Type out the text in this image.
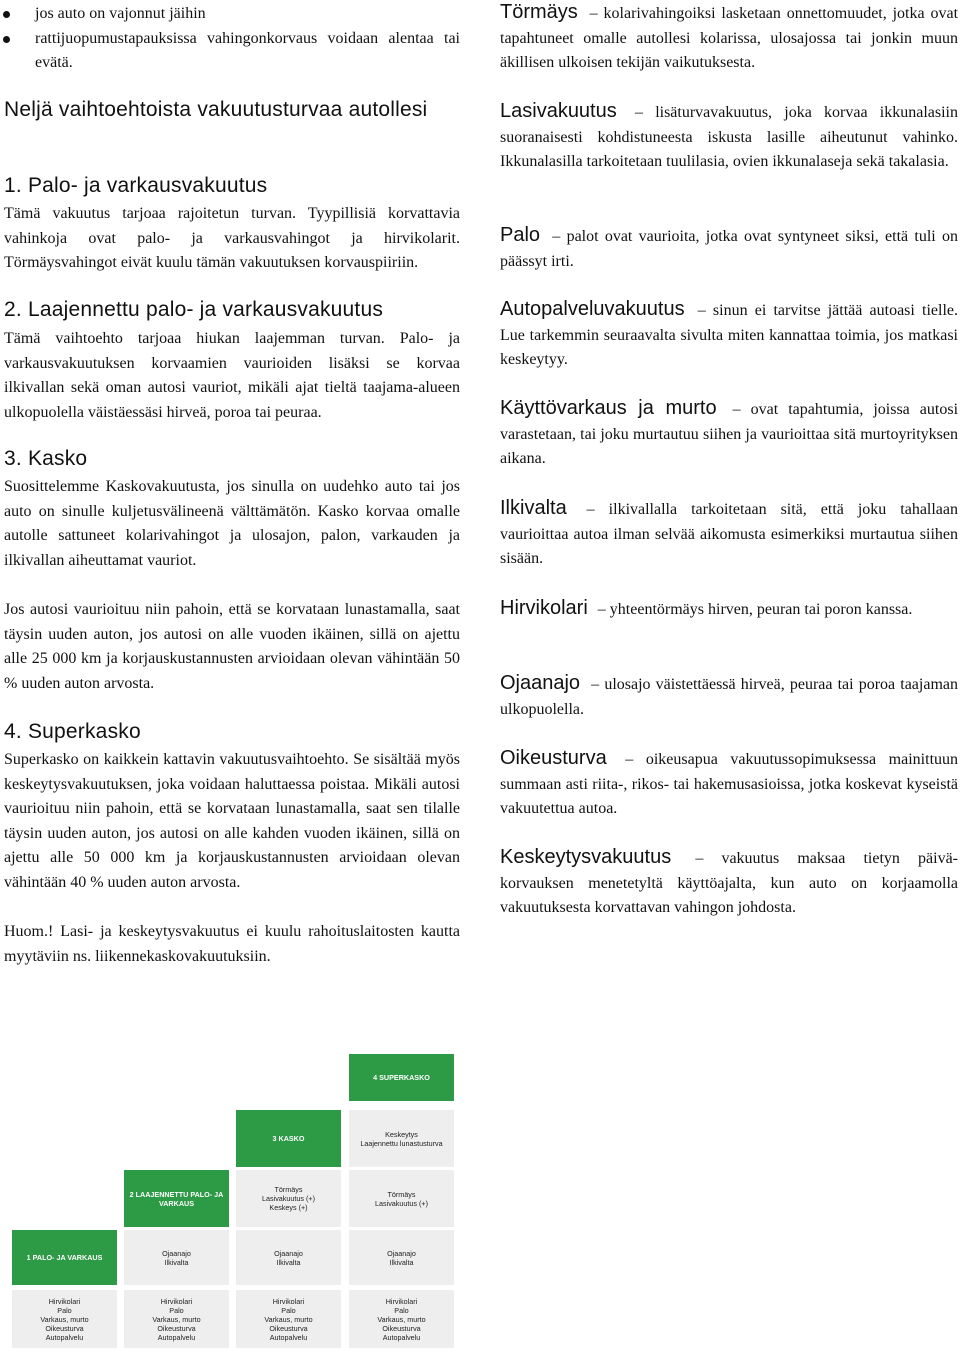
jos auto on vajonnut jäihin
rattijuopumustapauksissa vahingonkorvaus voidaan alentaa tai evätä.
Neljä vaihtoehtoista vakuutusturvaa autollesi
1. Palo- ja varkausvakuutus

Tämä vakuutus tarjoaa rajoitetun turvan. Tyypillisiä korvattavia vahinkoja ovat palo- ja varkausvahingot ja hirvikolarit. Törmäysvahingot eivät kuulu tämän vakuutuksen korvauspiiriin.

2. Laajennettu palo- ja varkausvakuutus

Tämä vaihtoehto tarjoaa hiukan laajemman turvan. Palo- ja varkausvakuutuksen korvaamien vaurioiden lisäksi se korvaa ilkivallan sekä oman autosi vauriot, mikäli ajat tieltä taajama-alueen ulkopuolella väistäessäsi hirveä, poroa tai peuraa.

3. Kasko

Suosittelemme Kaskovakuutusta, jos sinulla on uudehko auto tai jos auto on sinulle kuljetusvälineenä välttämätön. Kasko korvaa omalle autolle sattuneet kolarivahingot ja ulosajon, palon, varkauden ja ilkivallan aiheuttamat vauriot.

Jos autosi vaurioituu niin pahoin, että se korvataan lunastamalla, saat täysin uuden auton, jos autosi on alle vuoden ikäinen, sillä on ajettu alle 25 000 km ja korjauskustannusten arvioidaan olevan vähintään 50 % uuden auton arvosta.

4. Superkasko

Superkasko on kaikkein kattavin vakuutusvaihtoehto. Se sisältää myös keskeytysvakuutuksen, joka voidaan haluttaessa poistaa. Mikäli autosi vaurioituu niin pahoin, että se korvataan lunastamalla, saat sen tilalle täysin uuden auton, jos autosi on alle kahden vuoden ikäinen, sillä on ajettu alle 50 000 km ja korjauskustannusten arvioidaan olevan vähintään 40 % uuden auton arvosta.

Huom.! Lasi- ja keskeytysvakuutus ei kuulu rahoituslaitosten kautta myytäviin ns. liikennekaskovakuutuksiin.

Törmäys – kolarivahingoiksi lasketaan onnettomuudet, jotka ovat tapahtuneet omalle autollesi kolarissa, ulosajossa tai jonkin muun äkillisen ulkoisen tekijän vaikutuksesta.

Lasivakuutus – lisäturvavakuutus, joka korvaa ikkunalasiin suoranaisesti kohdistuneesta iskusta lasille aiheutunut vahinko. Ikkunalasilla tarkoitetaan tuulilasia, ovien ikkunalaseja sekä takalasia.

Palo – palot ovat vaurioita, jotka ovat syntyneet siksi, että tuli on päässyt irti.

Autopalveluvakuutus – sinun ei tarvitse jättää autoasi tielle. Lue tarkemmin seuraavalta sivulta miten kannattaa toimia, jos matkasi keskeytyy.

Käyttövarkaus ja murto – ovat tapahtumia, joissa autosi varastetaan, tai joku murtautuu siihen ja vaurioittaa sitä murtoyrityksen aikana.

Ilkivalta – ilkivallalla tarkoitetaan sitä, että joku tahallaan vaurioittaa autoa ilman selvää aikomusta esimerkiksi murtautua siihen sisään.

Hirvikolari – yhteentörmäys hirven, peuran tai poron kanssa.

Ojaanajo – ulosajo väistettäessä hirveä, peuraa tai poroa taajaman ulkopuolella.

Oikeusturva – oikeusapua vakuutussopimuksessa mainittuun summaan asti riita-, rikos- tai hakemusasioissa, jotka koskevat kyseistä vakuutettua autoa.

Keskeytysvakuutus – vakuutus maksaa tietyn päivä-korvauksen menetetyltä käyttöajalta, kun auto on korjaamolla vakuutuksesta korvattavan vahingon johdosta.

4 SUPERKASKO
3 KASKO	Keskeytys
Laajennettu lunastusturva
2 LAAJENNETTU PALO- JA VARKAUS
Törmäys
Lasivakuutus (+)
Keskeys (+)
Törmäys
Lasivakuutus (+)
1 PALO- JA VARKAUS	Ojaanajo
Ilkivalta
Ojaanajo
Ilkivalta
Ojaanajo
Ilkivalta
Hirvikolari
Palo
Varkaus, murto
Oikeusturva
Autopalvelu
Hirvikolari
Palo
Varkaus, murto
Oikeusturva
Autopalvelu
Hirvikolari
Palo
Varkaus, murto
Oikeusturva
Autopalvelu
Hirvikolari
Palo
Varkaus, murto
Oikeusturva
Autopalvelu
